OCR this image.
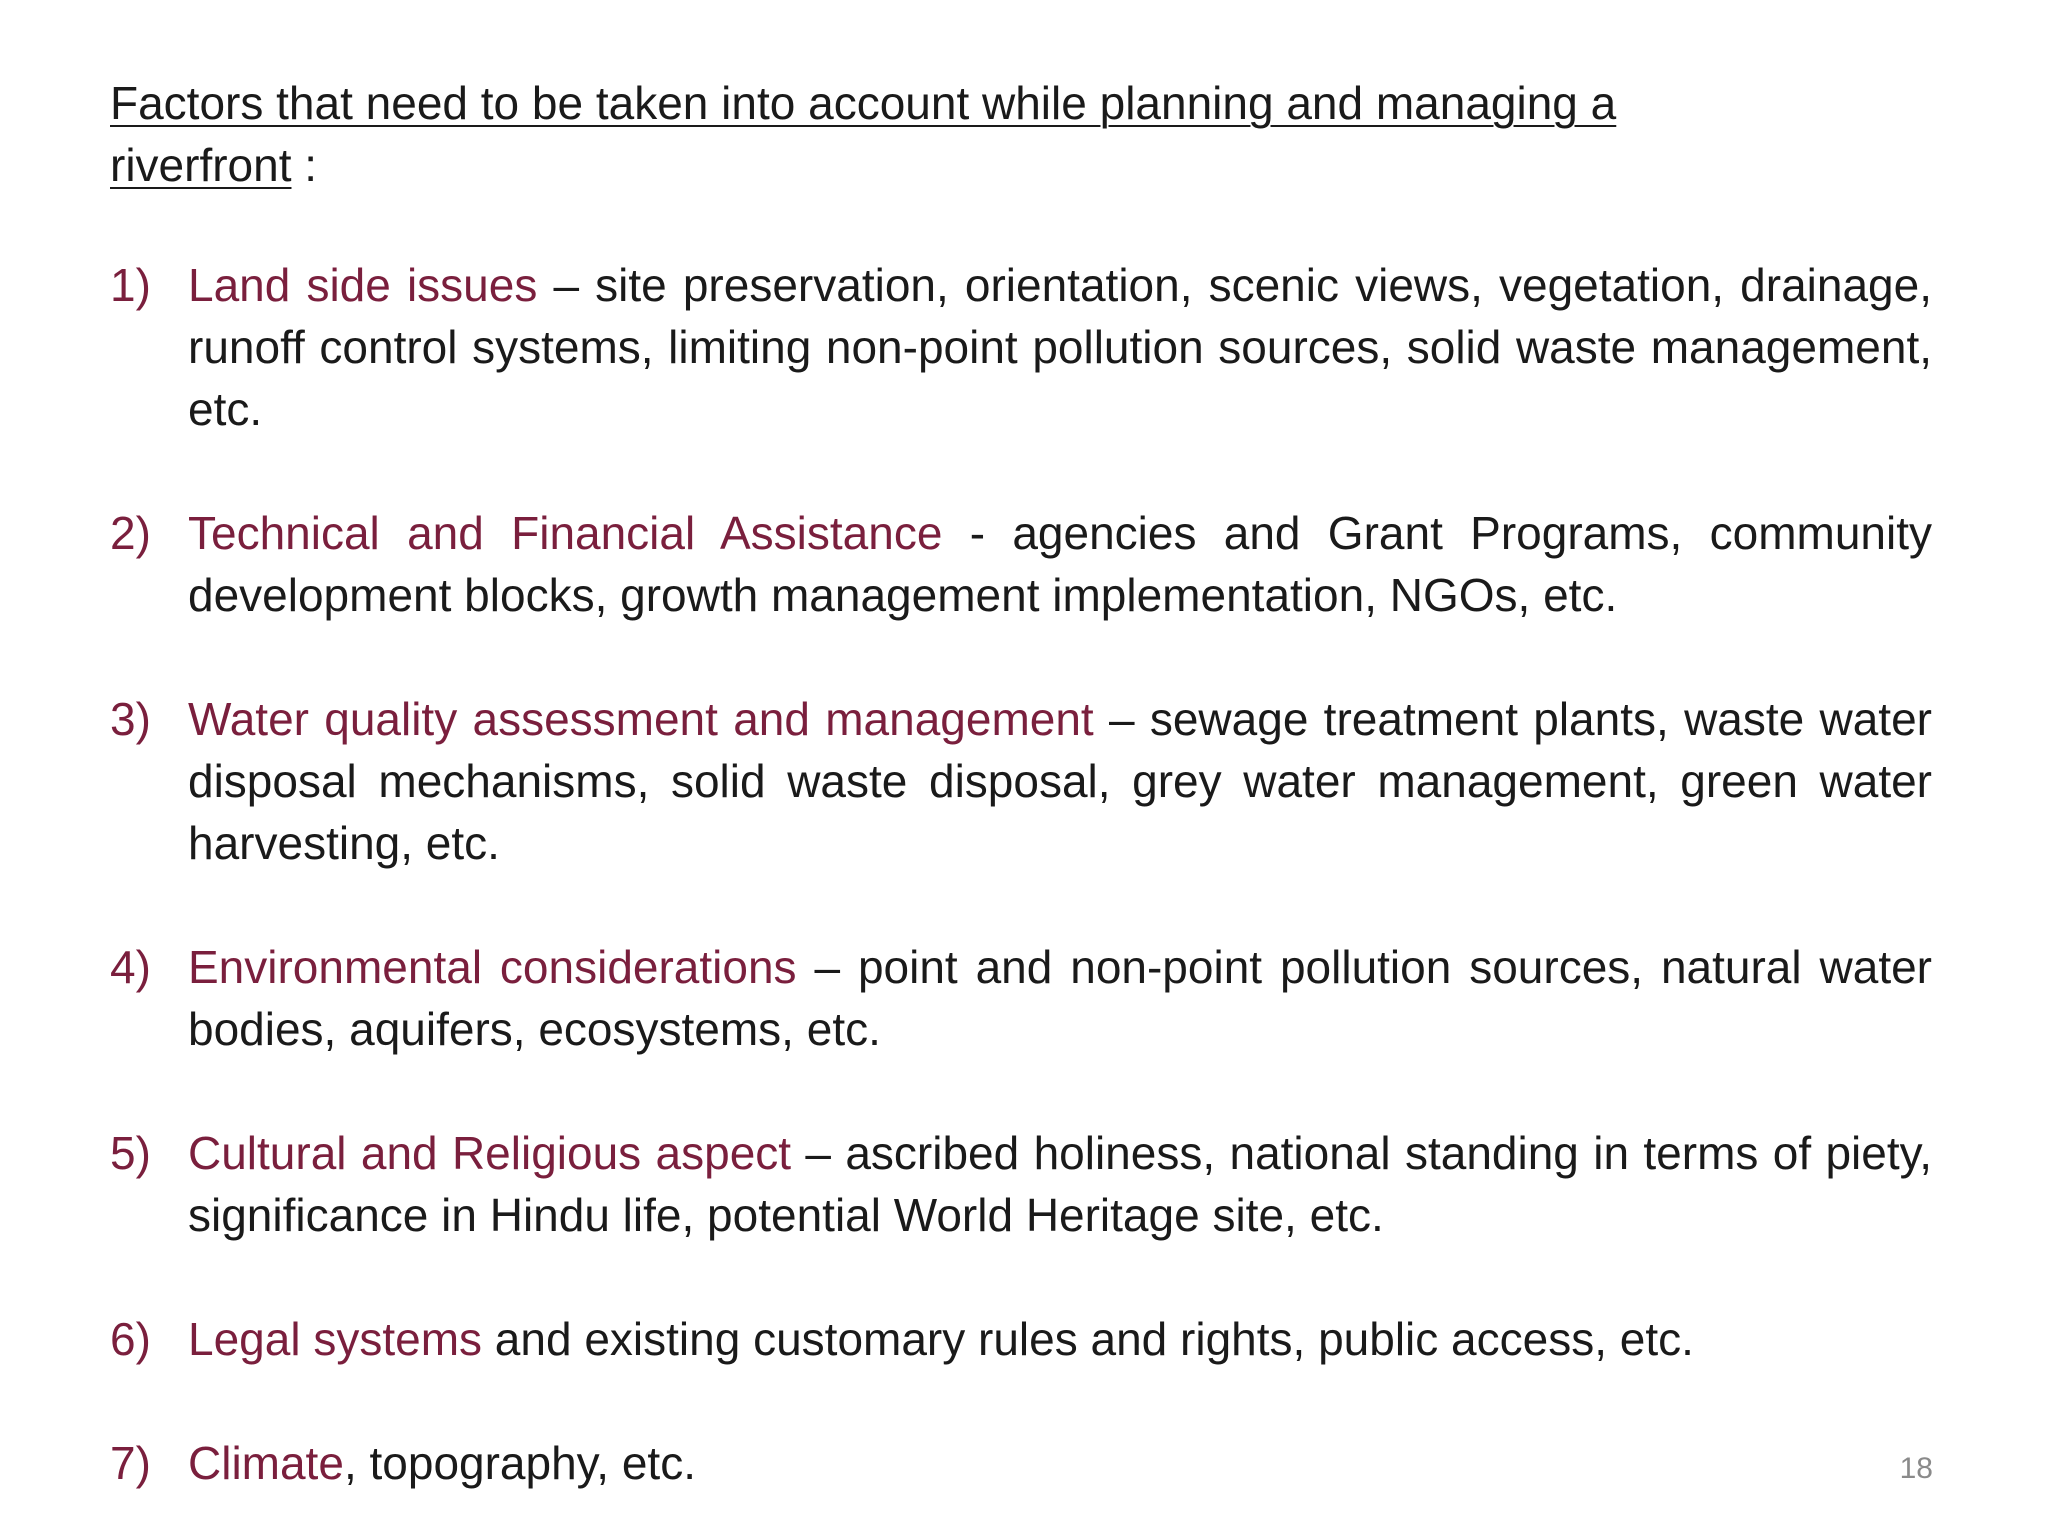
Factors that need to be taken into account while planning and managing a riverfront :
1) Land side issues – site preservation, orientation, scenic views, vegetation, drainage, runoff control systems, limiting non-point pollution sources, solid waste management, etc.
2) Technical and Financial Assistance - agencies and Grant Programs, community development blocks, growth management implementation, NGOs, etc.
3) Water quality assessment and management – sewage treatment plants, waste water disposal mechanisms, solid waste disposal, grey water management, green water harvesting, etc.
4) Environmental considerations – point and non-point pollution sources, natural water bodies, aquifers, ecosystems, etc.
5) Cultural and Religious aspect – ascribed holiness, national standing in terms of piety, significance in Hindu life, potential World Heritage site, etc.
6) Legal systems and existing customary rules and rights, public access, etc.
7) Climate, topography, etc.	18
